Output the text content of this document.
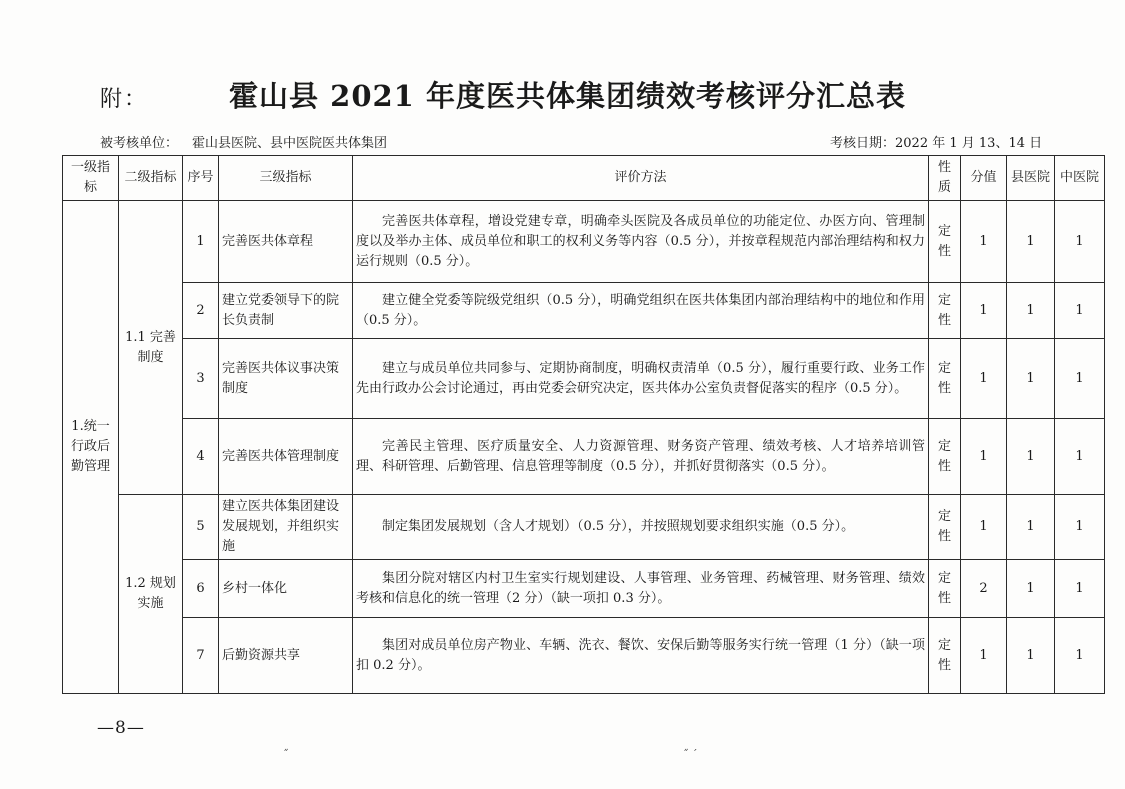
附：	霍山县 2021 年度医共体集团绩效考核评分汇总表
被考核单位： 霍山县医院、县中医院医共体集团	考核日期：2022 年 1 月 13、14 日
一级指标	二级指标	序号	三级指标	评价方法	性质	分值	县医院	中医院
1.统一行政后勤管理	1.1 完善制度	1	完善医共体章程	完善医共体章程，增设党建专章，明确牵头医院及各成员单位的功能定位、办医方向、管理制度以及举办主体、成员单位和职工的权利义务等内容（0.5 分），并按章程规范内部治理结构和权力运行规则（0.5 分）。	定性	1	1	1
		2	建立党委领导下的院长负责制	建立健全党委等院级党组织（0.5 分），明确党组织在医共体集团内部治理结构中的地位和作用（0.5 分）。	定性	1	1	1
		3	完善医共体议事决策制度	建立与成员单位共同参与、定期协商制度，明确权责清单（0.5 分），履行重要行政、业务工作先由行政办公会讨论通过，再由党委会研究决定，医共体办公室负责督促落实的程序（0.5 分）。	定性	1	1	1
		4	完善医共体管理制度	完善民主管理、医疗质量安全、人力资源管理、财务资产管理、绩效考核、人才培养培训管理、科研管理、后勤管理、信息管理等制度（0.5 分），并抓好贯彻落实（0.5 分）。	定性	1	1	1
	1.2 规划实施	5	建立医共体集团建设发展规划，并组织实施	制定集团发展规划（含人才规划）（0.5 分），并按照规划要求组织实施（0.5 分）。	定性	1	1	1
		6	乡村一体化	集团分院对辖区内村卫生室实行规划建设、人事管理、业务管理、药械管理、财务管理、绩效考核和信息化的统一管理（2 分）（缺一项扣 0.3 分）。	定性	2	1	1
		7	后勤资源共享	集团对成员单位房产物业、车辆、洗衣、餐饮、安保后勤等服务实行统一管理（1 分）（缺一项扣 0.2 分）。	定性	1	1	1
—8—
˝	˝ ˊ
